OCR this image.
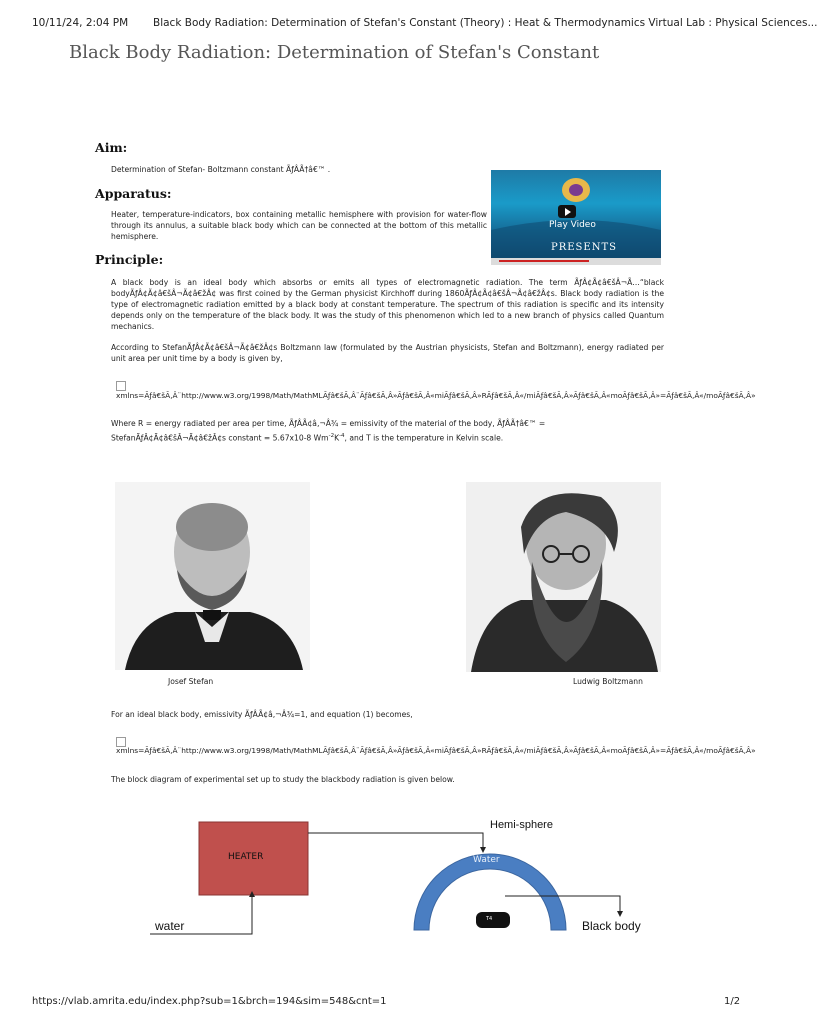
10/11/24, 2:04 PM Black Body Radiation: Determination of Stefan's Constant (Theory) : Heat & Thermodynamics Virtual Lab : Physical Sciences...
Black Body Radiation: Determination of Stefan's Constant
Aim:
Determination of Stefan- Boltzmann constant ÃƒÂÃ†â€™ .
Apparatus:
Heater, temperature-indicators, box containing metallic hemisphere with provision for water-flow through its annulus, a suitable black body which can be connected at the bottom of this metallic hemisphere.
Play Video
PRESENTS
Principle:
A black body is an ideal body which absorbs or emits all types of electromagnetic radiation. The term ÃƒÂ¢Ã¢â€šÂ¬Ã…“black bodyÃƒÂ¢Ã¢â€šÂ¬Ã¢â€žÂ¢ was first coined by the German physicist Kirchhoff during 1860ÃƒÂ¢Ã¢â€šÂ¬Ã¢â€žÂ¢s. Black body radiation is the type of electromagnetic radiation emitted by a black body at constant temperature. The spectrum of this radiation is specific and its intensity depends only on the temperature of the black body. It was the study of this phenomenon which led to a new branch of physics called Quantum mechanics.
According to StefanÃƒÂ¢Ã¢â€šÂ¬Ã¢â€žÂ¢s Boltzmann law (formulated by the Austrian physicists, Stefan and Boltzmann), energy radiated per unit area per unit time by a body is given by,
xmlns=Ãƒâ€šÃ‚Â¨http://www.w3.org/1998/Math/MathMLÃƒâ€šÃ‚Â¨Ãƒâ€šÃ‚Â»Ãƒâ€šÃ‚Â«miÃƒâ€šÃ‚Â»RÃƒâ€šÃ‚Â«/miÃƒâ€šÃ‚Â»Ãƒâ€šÃ‚Â«moÃƒâ€šÃ‚Â»=Ãƒâ€šÃ‚Â«/moÃƒâ€šÃ‚Â»
Where R = energy radiated per area per time, ÃƒÂÃ¢â‚¬Â¾ = emissivity of the material of the body, ÃƒÂÃ†â€™ =
StefanÃƒÂ¢Ã¢â€šÂ¬Ã¢â€žÂ¢s constant = 5.67x10-8 $Wm^{-2}K^{-4}$, and T is the temperature in Kelvin scale.
Josef Stefan	Ludwig Boltzmann
For an ideal black body, emissivity ÃƒÂÃ¢â‚¬Â¾=1, and equation (1) becomes,
xmlns=Ãƒâ€šÃ‚Â¨http://www.w3.org/1998/Math/MathMLÃƒâ€šÃ‚Â¨Ãƒâ€šÃ‚Â»Ãƒâ€šÃ‚Â«miÃƒâ€šÃ‚Â»RÃƒâ€šÃ‚Â«/miÃƒâ€šÃ‚Â»Ãƒâ€šÃ‚Â«moÃƒâ€šÃ‚Â»=Ãƒâ€šÃ‚Â«/moÃƒâ€šÃ‚Â»
The block diagram of experimental set up to study the blackbody radiation is given below.
HEATER
Hemi-sphere
water
Water
T4	Black body
https://vlab.amrita.edu/index.php?sub=1&brch=194&sim=548&cnt=1	1/2
